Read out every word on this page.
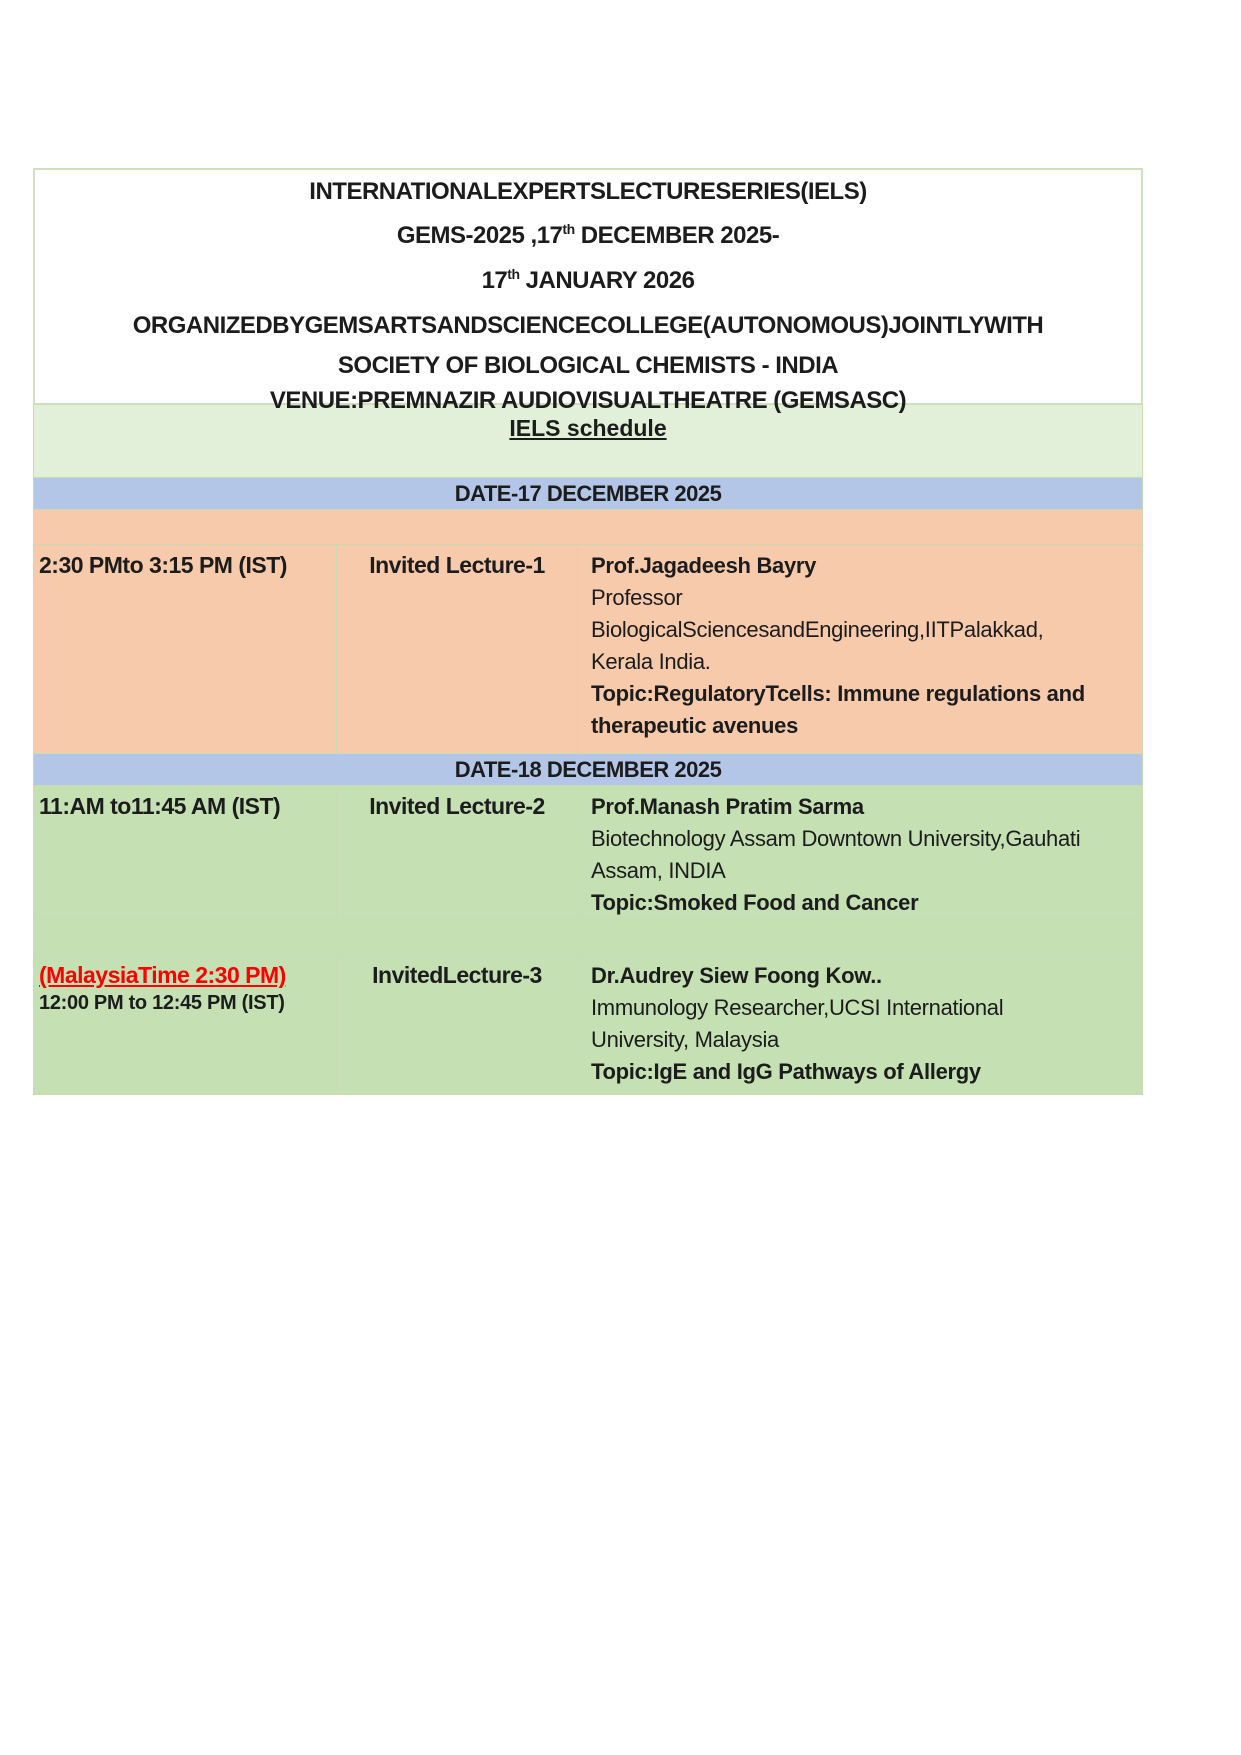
INTERNATIONALEXPERTSLECTURESERIES(IELS)
GEMS-2025 ,17th DECEMBER 2025-
17th JANUARY 2026
ORGANIZEDBYGEMSARTSANDSCIENCECOLLEGE(AUTONOMOUS)JOINTLYWITH
SOCIETY OF BIOLOGICAL CHEMISTS - INDIA
VENUE:PREMNAZIR AUDIOVISUALTHEATRE (GEMSASC)
IELS schedule
DATE-17 DECEMBER 2025
2:30 PMto 3:15 PM (IST)	Invited Lecture-1	Prof.Jagadeesh Bayry
Professor
BiologicalSciencesandEngineering,IITPalakkad,
Kerala India.
Topic:RegulatoryTcells: Immune regulations and
therapeutic avenues
DATE-18 DECEMBER 2025
11:AM to11:45 AM (IST)	Invited Lecture-2	Prof.Manash Pratim Sarma
Biotechnology Assam Downtown University,Gauhati
Assam, INDIA
Topic:Smoked Food and Cancer
(MalaysiaTime 2:30 PM)
12:00 PM to 12:45 PM (IST)
InvitedLecture-3	Dr.Audrey Siew Foong Kow..
Immunology Researcher,UCSI International
University, Malaysia
Topic:IgE and IgG Pathways of Allergy
